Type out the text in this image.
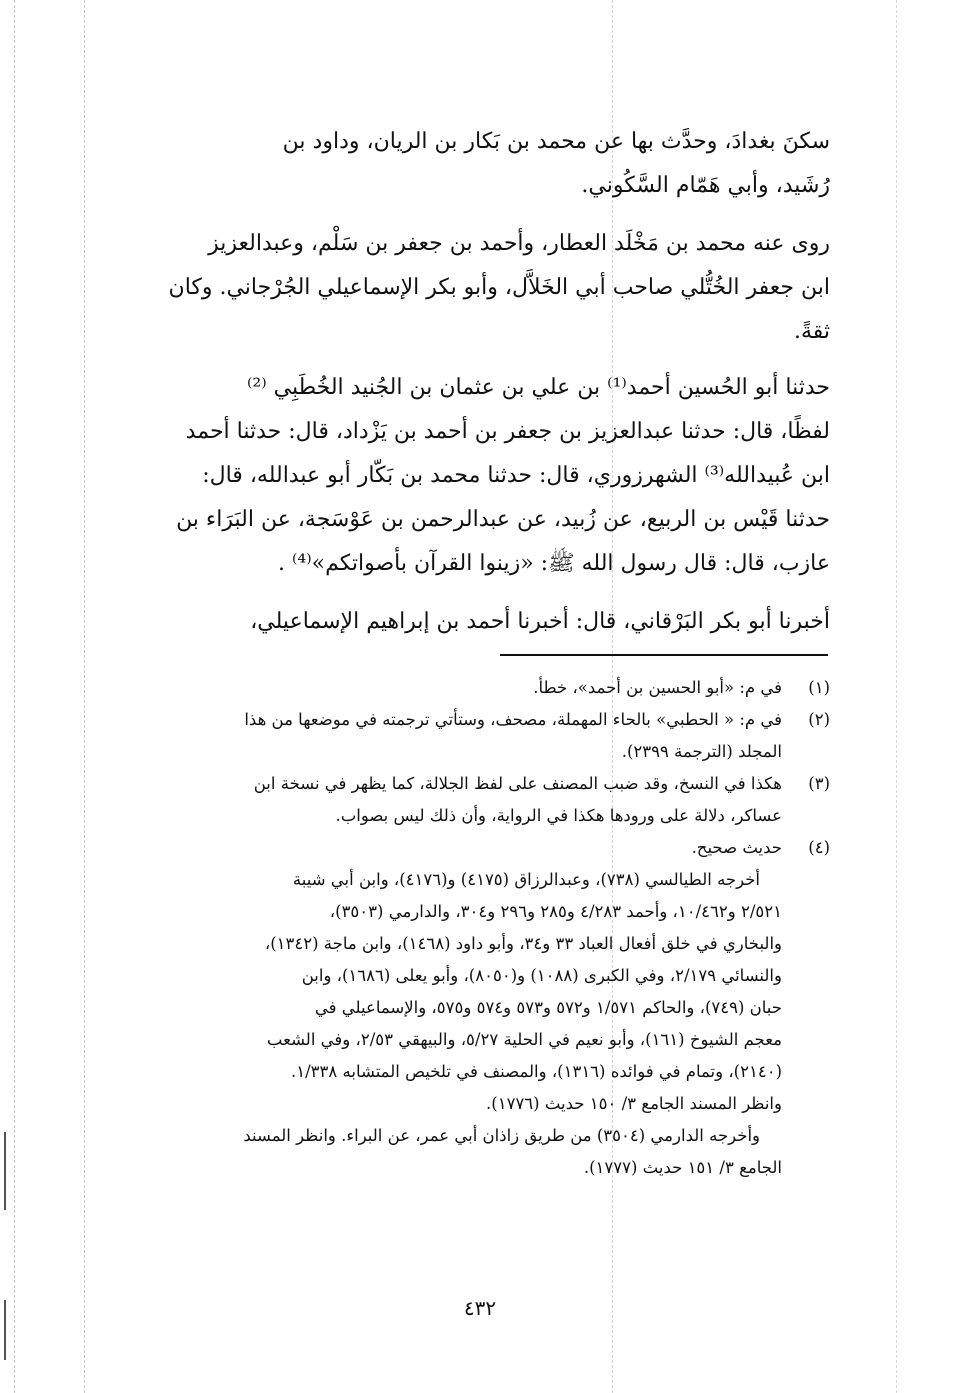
سكنَ بغدادَ، وحدَّث بها عن محمد بن بَكار بن الريان، وداود بن
رُشَيد، وأبي هَمّام السَّكُوني.

روى عنه محمد بن مَخْلَد العطار، وأحمد بن جعفر بن سَلْم، وعبدالعزيز
ابن جعفر الخُتُّلي صاحب أبي الخَلاَّل، وأبو بكر الإسماعيلي الجُرْجاني. وكان
ثقةً.

حدثنا أبو الحُسين أحمد⁽¹⁾ بن علي بن عثمان بن الجُنيد الخُطَبِي ⁽²⁾
لفظًا، قال: حدثنا عبدالعزيز بن جعفر بن أحمد بن يَزْداد، قال: حدثنا أحمد
ابن عُبيدالله⁽³⁾ الشهرزوري، قال: حدثنا محمد بن بَكّار أبو عبدالله، قال:
حدثنا قَيْس بن الربيع، عن زُبيد، عن عبدالرحمن بن عَوْسَجة، عن البَرَاء بن
عازب، قال: قال رسول الله ﷺ: «زينوا القرآن بأصواتكم»⁽⁴⁾ .

أخبرنا أبو بكر البَرْقاني، قال: أخبرنا أحمد بن إبراهيم الإسماعيلي،

(١)
في م: «أبو الحسين بن أحمد»، خطأ.
(٢)
في م: « الحطبي» بالحاء المهملة، مصحف، وستأتي ترجمته في موضعها من هذا
المجلد (الترجمة ٢٣٩٩).
(٣)
هكذا في النسخ، وقد ضبب المصنف على لفظ الجلالة، كما يظهر في نسخة ابن
عساكر، دلالة على ورودها هكذا في الرواية، وأن ذلك ليس بصواب.
(٤)
حديث صحيح.
أخرجه الطيالسي (٧٣٨)، وعبدالرزاق (٤١٧٥) و(٤١٧٦)، وابن أبي شيبة
٢/٥٢١ و١٠/٤٦٢، وأحمد ٤/٢٨٣ و٢٨٥ و٢٩٦ و٣٠٤، والدارمي (٣٥٠٣)،
والبخاري في خلق أفعال العباد ٣٣ و٣٤، وأبو داود (١٤٦٨)، وابن ماجة (١٣٤٢)،
والنسائي ٢/١٧٩، وفي الكبرى (١٠٨٨) و(٨٠٥٠)، وأبو يعلى (١٦٨٦)، وابن
حبان (٧٤٩)، والحاكم ١/٥٧١ و٥٧٢ و٥٧٣ و٥٧٤ و٥٧٥، والإسماعيلي في
معجم الشيوخ (١٦١)، وأبو نعيم في الحلية ٥/٢٧، والبيهقي ٢/٥٣، وفي الشعب
(٢١٤٠)، وتمام في فوائده (١٣١٦)، والمصنف في تلخيص المتشابه ١/٣٣٨.
وانظر المسند الجامع ٣/ ١٥٠ حديث (١٧٧٦).
وأخرجه الدارمي (٣٥٠٤) من طريق زاذان أبي عمر، عن البراء. وانظر المسند
الجامع ٣/ ١٥١ حديث (١٧٧٧).
٤٣٢
